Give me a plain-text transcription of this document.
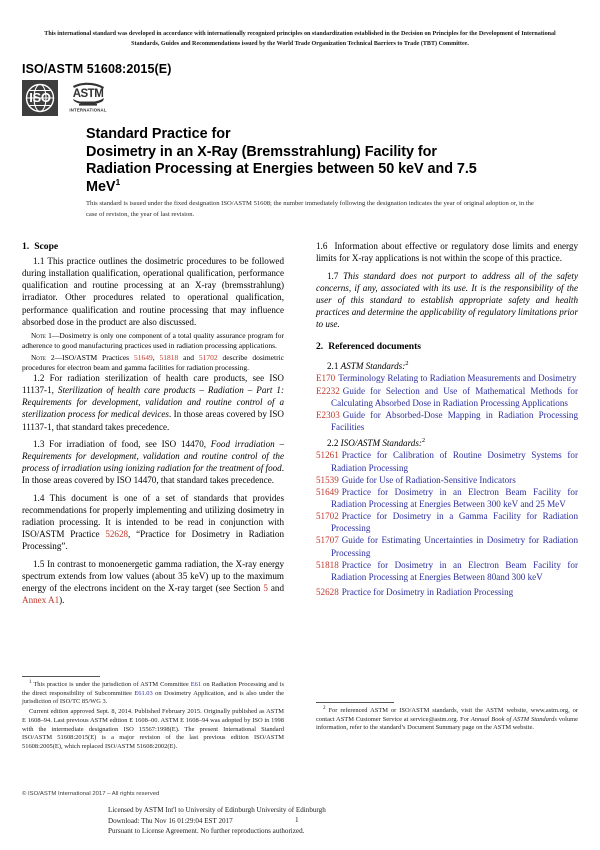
This international standard was developed in accordance with internationally recognized principles on standardization established in the Decision on Principles for the Development of International Standards, Guides and Recommendations issued by the World Trade Organization Technical Barriers to Trade (TBT) Committee.
ISO/ASTM 51608:2015(E)
ISO	ASTM
INTERNATIONAL
Standard Practice for
Dosimetry in an X-Ray (Bremsstrahlung) Facility for
Radiation Processing at Energies between 50 keV and 7.5
MeV$^1$
This standard is issued under the fixed designation ISO/ASTM 51608; the number immediately following the designation indicates the year of original adoption or, in the case of revision, the year of last revision.
1. Scope

1.1 This practice outlines the dosimetric procedures to be followed during installation qualification, operational qualification, performance qualification and routine processing at an X-ray (bremsstrahlung) irradiator. Other procedures related to operational qualification, performance qualification and routine processing that may influence absorbed dose in the product are also discussed.

Note 1—Dosimetry is only one component of a total quality assurance program for adherence to good manufacturing practices used in radiation processing applications.

Note 2—ISO/ASTM Practices 51649, 51818 and 51702 describe dosimetric procedures for electron beam and gamma facilities for radiation processing.

1.2 For radiation sterilization of health care products, see ISO 11137-1, Sterilization of health care products – Radiation – Part 1: Requirements for development, validation and routine control of a sterilization process for medical devices. In those areas covered by ISO 11137-1, that standard takes precedence.

1.3 For irradiation of food, see ISO 14470, Food irradiation – Requirements for development, validation and routine control of the process of irradiation using ionizing radiation for the treatment of food. In those areas covered by ISO 14470, that standard takes precedence.

1.4 This document is one of a set of standards that provides recommendations for properly implementing and utilizing dosimetry in radiation processing. It is intended to be read in conjunction with ISO/ASTM Practice 52628, “Practice for Dosimetry in Radiation Processing”.

1.5 In contrast to monoenergetic gamma radiation, the X-ray energy spectrum extends from low values (about 35 keV) up to the maximum energy of the electrons incident on the X-ray target (see Section 5 and Annex A1).

1.6 Information about effective or regulatory dose limits and energy limits for X-ray applications is not within the scope of this practice.

1.7 This standard does not purport to address all of the safety concerns, if any, associated with its use. It is the responsibility of the user of this standard to establish appropriate safety and health practices and determine the applicability of regulatory limitations prior to use.

2. Referenced documents
2.1 ASTM Standards:$^2$
E170 Terminology Relating to Radiation Measurements and Dosimetry
E2232 Guide for Selection and Use of Mathematical Methods for Calculating Absorbed Dose in Radiation Processing Applications
E2303 Guide for Absorbed-Dose Mapping in Radiation Processing Facilities
2.2 ISO/ASTM Standards:$^2$
51261 Practice for Calibration of Routine Dosimetry Systems for Radiation Processing
51539 Guide for Use of Radiation-Sensitive Indicators
51649 Practice for Dosimetry in an Electron Beam Facility for Radiation Processing at Energies Between 300 keV and 25 MeV
51702 Practice for Dosimetry in a Gamma Facility for Radiation Processing
51707 Guide for Estimating Uncertainties in Dosimetry for Radiation Processing
51818 Practice for Dosimetry in an Electron Beam Facility for Radiation Processing at Energies Between 80and 300 keV
52628 Practice for Dosimetry in Radiation Processing

$^1$ This practice is under the jurisdiction of ASTM Committee E61 on Radiation Processing and is the direct responsibility of Subcommittee E61.03 on Dosimetry Application, and is also under the jurisdiction of ISO/TC 85/WG 3.

Current edition approved Sept. 8, 2014. Published February 2015. Originally published as ASTM E 1608–94. Last previous ASTM edition E 1608–00. ASTM E 1608–94 was adopted by ISO in 1998 with the intermediate designation ISO 15567:1998(E). The present International Standard ISO/ASTM 51608:2015(E) is a major revision of the last previous edition ISO/ASTM 51608:2005(E), which replaced ISO/ASTM 51608:2002(E).

$^2$ For referenced ASTM or ISO/ASTM standards, visit the ASTM website, www.astm.org, or contact ASTM Customer Service at service@astm.org. For Annual Book of ASTM Standards volume information, refer to the standard’s Document Summary page on the ASTM website.

© ISO/ASTM International 2017 – All rights reserved
Licensed by ASTM Int'l to University of Edinburgh University of Edinburgh
Download: Thu Nov 16 01:29:04 EST 2017
Pursuant to License Agreement. No further reproductions authorized.
1
